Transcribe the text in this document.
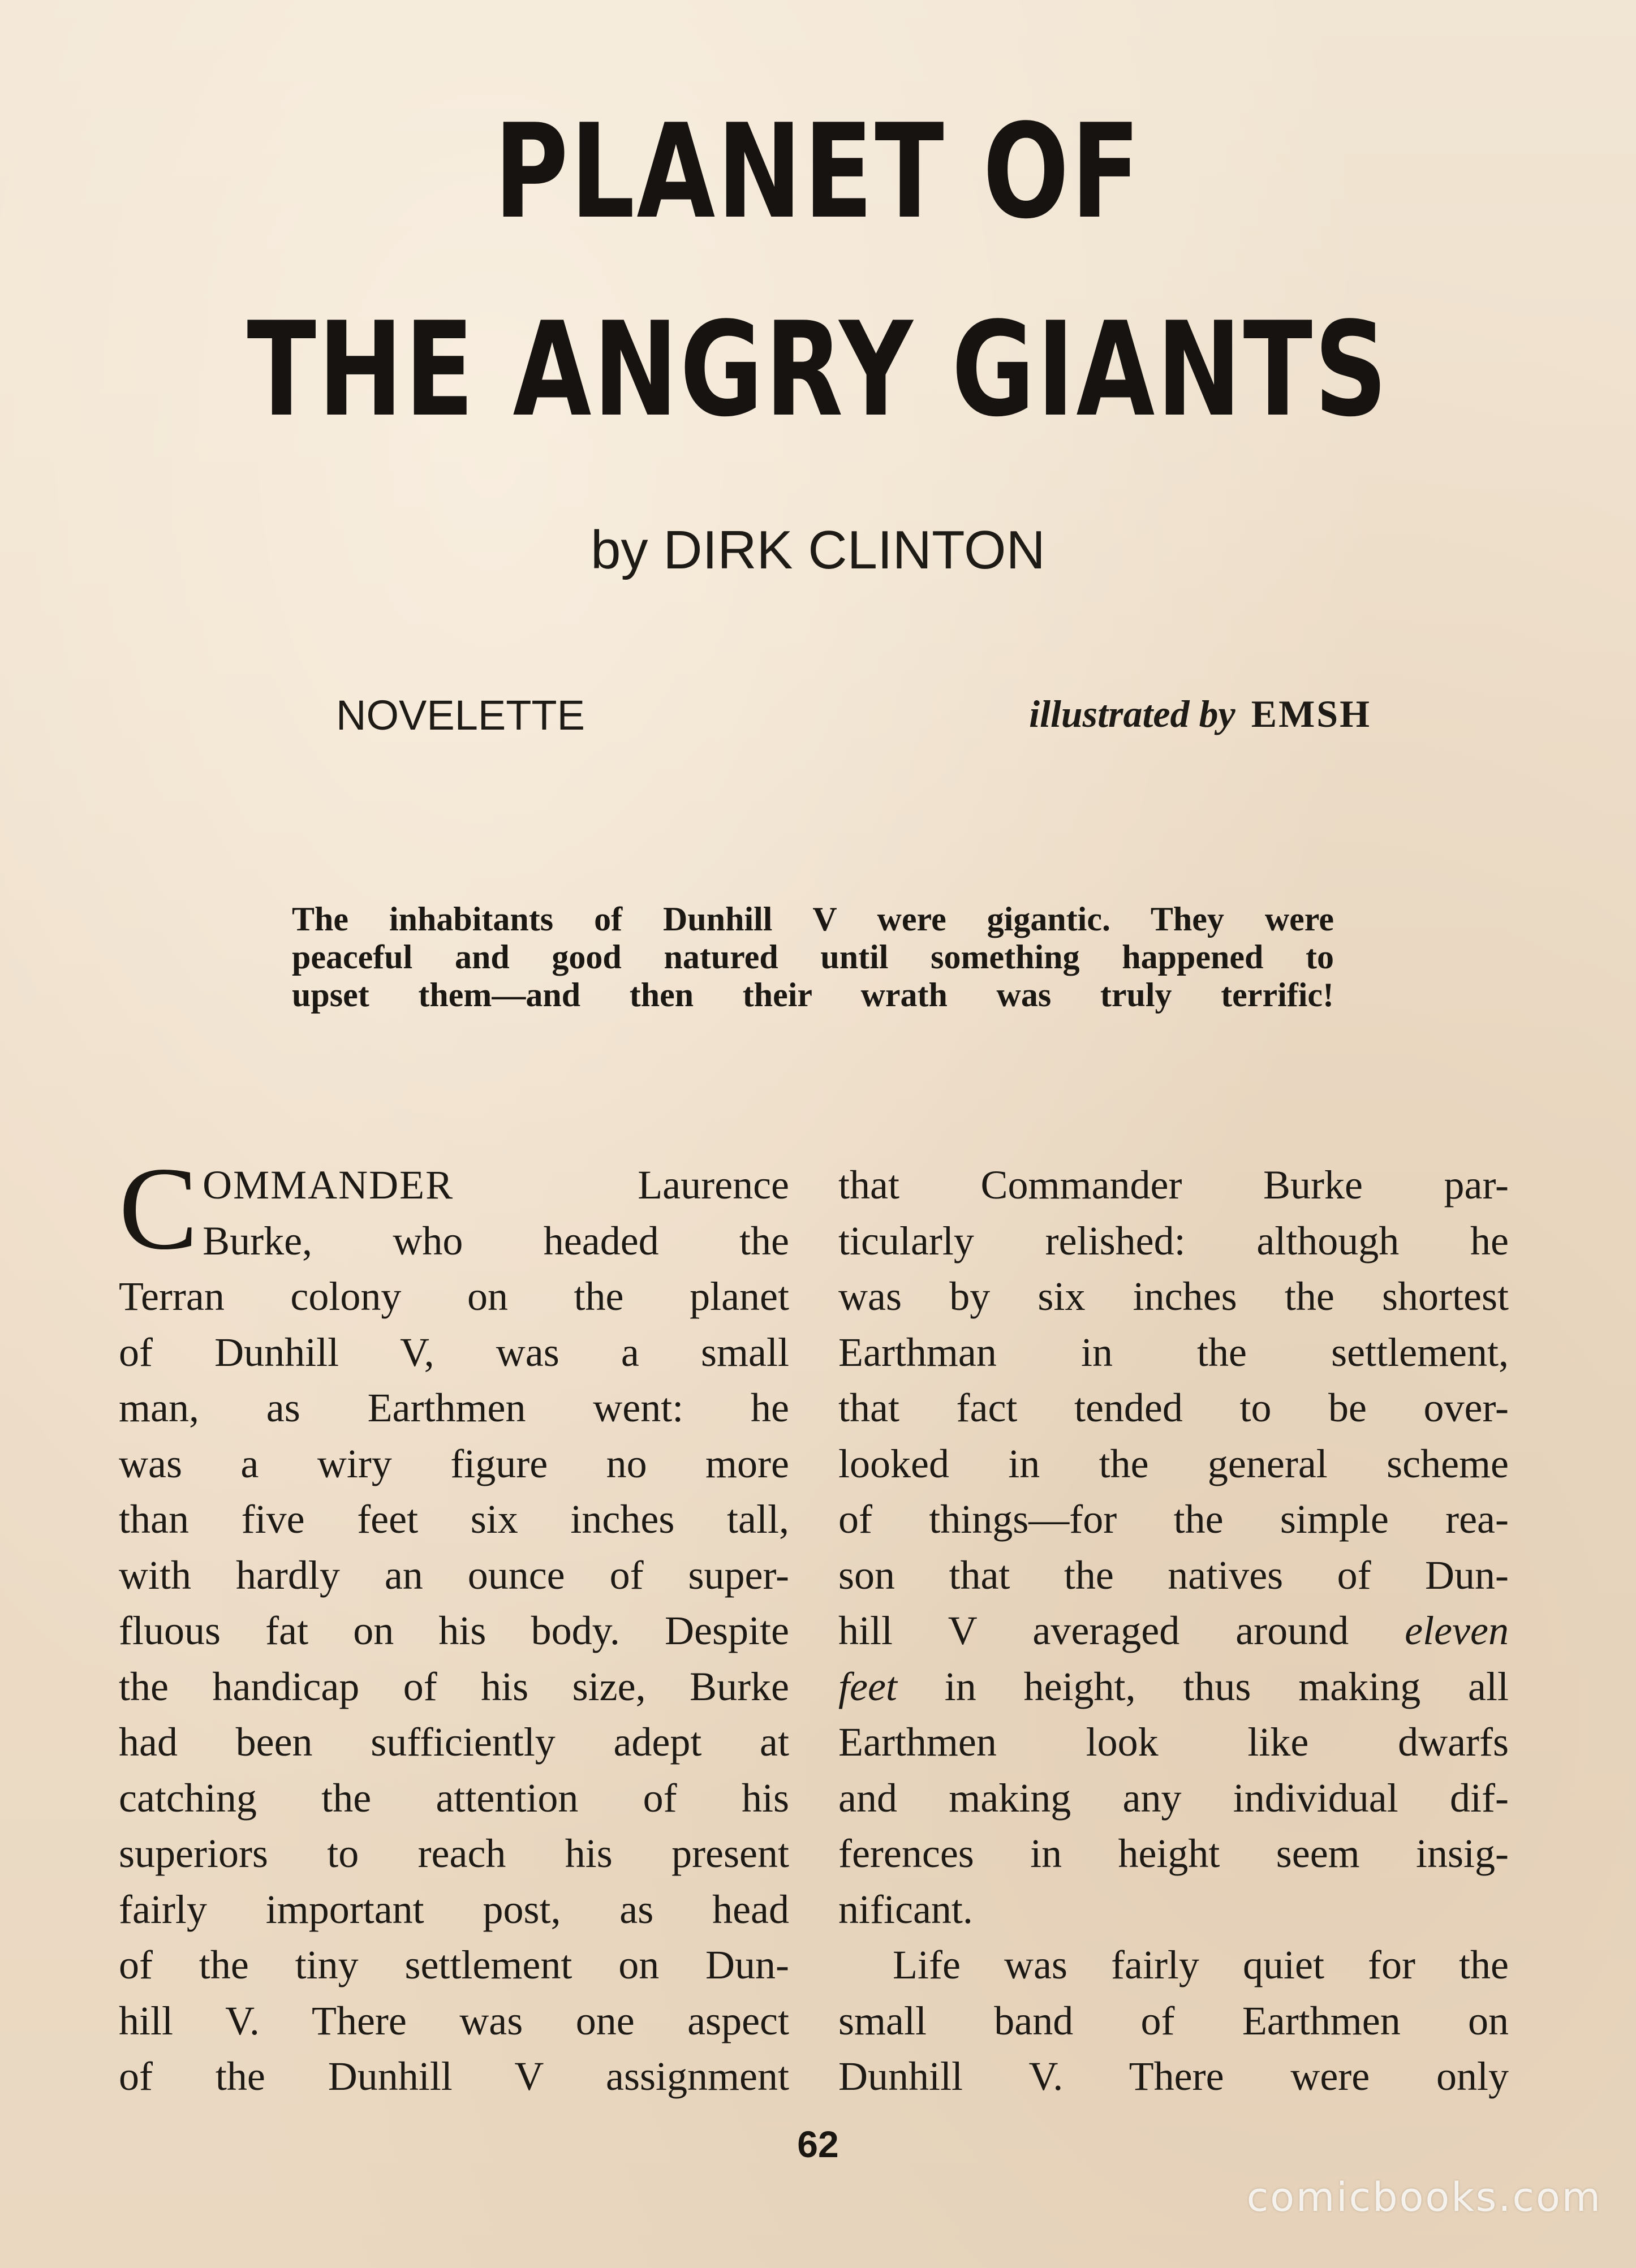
PLANET OF
THE ANGRY GIANTS
by DIRK CLINTON
NOVELETTE	illustrated by EMSH
The inhabitants of Dunhill V were gigantic. They were
peaceful and good natured until something happened to
upset them—and then their wrath was truly terrific!
C OMMANDER	Laurence
Burke, who headed the
Terran colony on the planet
of Dunhill V, was a small
man, as Earthmen went: he
was a wiry figure no more
than five feet six inches tall,
with hardly an ounce of super-
fluous fat on his body. Despite
the handicap of his size, Burke
had been sufficiently adept at
catching the attention of his
superiors to reach his present
fairly important post, as head
of the tiny settlement on Dun-
hill V. There was one aspect
of the Dunhill V assignment
that Commander Burke par-
ticularly relished: although he
was by six inches the shortest
Earthman in the settlement,
that fact tended to be over-
looked in the general scheme
of things—for the simple rea-
son that the natives of Dun-
hill V averaged around eleven
feet in height, thus making all
Earthmen look like dwarfs
and making any individual dif-
ferences in height seem insig-
nificant.
Life was fairly quiet for the
small band of Earthmen on
Dunhill V. There were only
62
comicbooks.com
